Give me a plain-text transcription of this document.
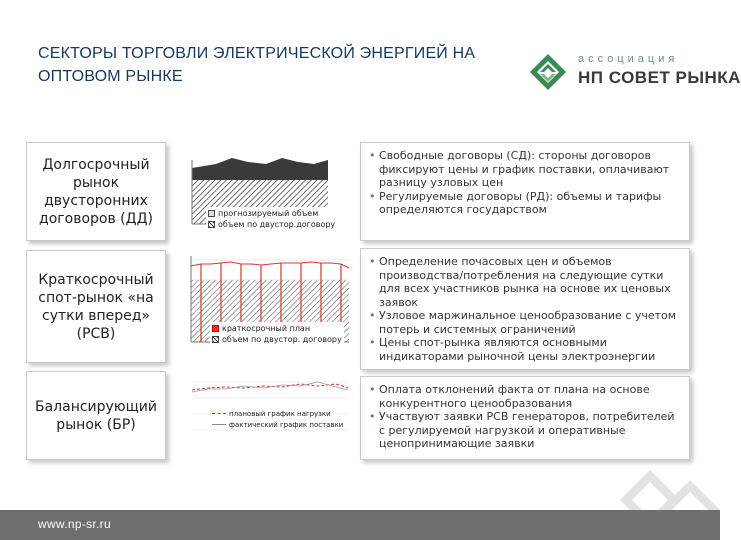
СЕКТОРЫ ТОРГОВЛИ ЭЛЕКТРИЧЕСКОЙ ЭНЕРГИЕЙ НА ОПТОВОМ РЫНКЕ
ассоциация
НП СОВЕТ РЫНКА
Долгосрочный рынок двусторонних договоров (ДД)
Краткосрочный спот-рынок «на сутки вперед» (РСВ)
Балансирующий рынок (БР)
прогнозируемый объем
объем по двустор.договору
краткосрочный план
объем по двустор. договору
плановый график нагрузки
фактический график поставки
• Свободные договоры (СД): стороны договоров фиксируют цены и график поставки, оплачивают разницу узловых цен
• Регулируемые договоры (РД): объемы и тарифы определяются государством
• Определение почасовых цен и объемов производства/потребления на следующие сутки для всех участников рынка на основе их ценовых заявок
• Узловое маржинальное ценообразование с учетом потерь и системных ограничений
• Цены спот-рынка являются основными индикаторами рыночной цены электроэнергии
• Оплата отклонений факта от плана на основе конкурентного ценообразования
• Участвуют заявки РСВ генераторов, потребителей с регулируемой нагрузкой и оперативные ценопринимающие заявки
www.np-sr.ru
